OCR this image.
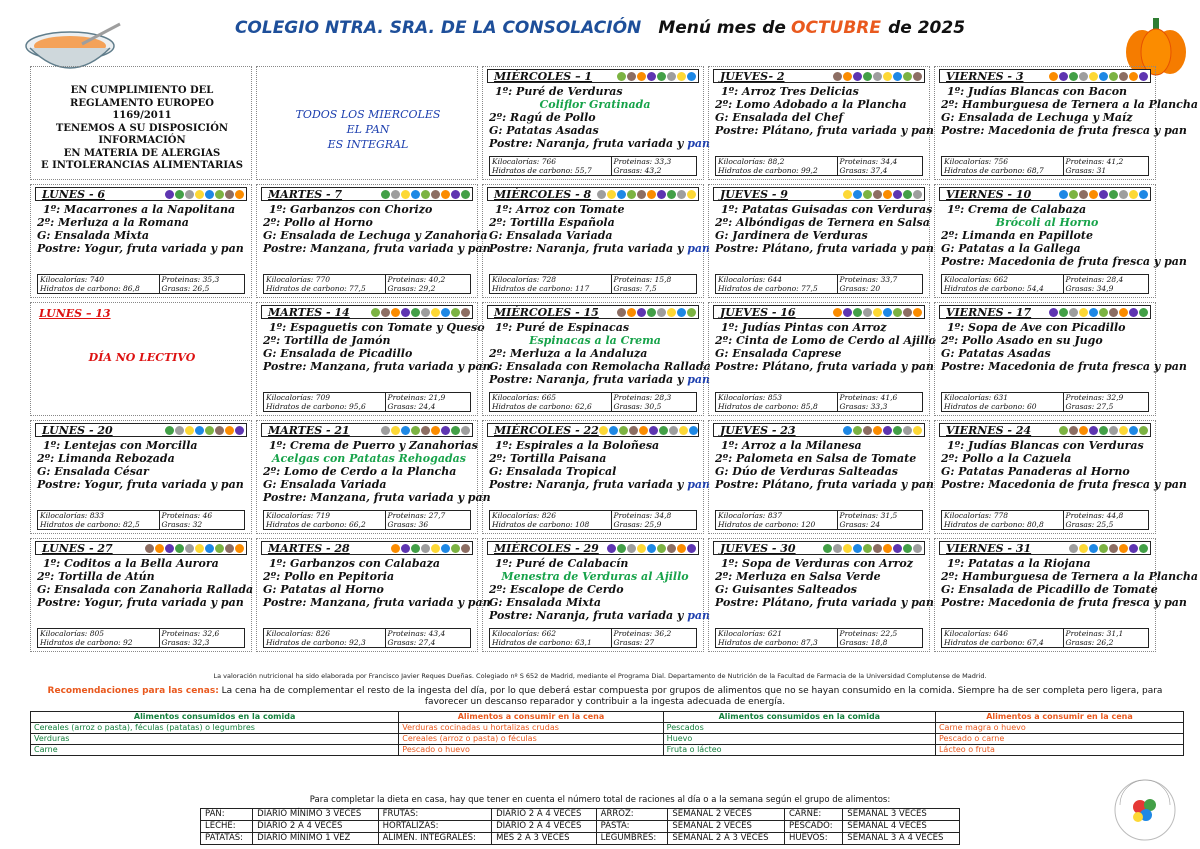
COLEGIO NTRA. SRA. DE LA CONSOLACIÓN Menú mes de OCTUBRE de 2025
EN CUMPLIMIENTO DEL
REGLAMENTO EUROPEO
1169/2011
TENEMOS A SU DISPOSICIÓN
INFORMACIÓN
EN MATERIA DE ALERGIAS
E INTOLERANCIAS ALIMENTARIAS
TODOS LOS MIERCOLES
EL PAN
ES INTEGRAL
LUNES – 13
DÍA NO LECTIVO
MIÉRCOLES – 1
1º: Puré de Verduras
Coliflor Gratinada
2º: Ragú de Pollo
G: Patatas Asadas
Postre: Naranja, fruta variada y pan
Kilocalorías: 766	Proteinas: 33,3
Hidratos de carbono: 55,7	Grasas: 43,2
JUEVES- 2
1º: Arroz Tres Delicias
2º: Lomo Adobado a la Plancha
G: Ensalada del Chef
Postre: Plátano, fruta variada y pan
Kilocalorías: 88,2	Proteinas: 34,4
Hidratos de carbono: 99,2	Grasas: 37,4
VIERNES - 3
1º: Judías Blancas con Bacon
2º: Hamburguesa de Ternera a la Plancha
G: Ensalada de Lechuga y Maíz
Postre: Macedonia de fruta fresca y pan
Kilocalorías: 756	Proteinas: 41,2
Hidratos de carbono: 68,7	Grasas: 31
LUNES - 6
1º: Macarrones a la Napolitana
2º: Merluza a la Romana
G: Ensalada Mixta
Postre: Yogur, fruta variada y pan
Kilocalorías: 740	Proteinas: 35,3
Hidratos de carbono: 86,8	Grasas: 26,5
MARTES - 7
1º: Garbanzos con Chorizo
2º: Pollo al Horno
G: Ensalada de Lechuga y Zanahoria
Postre: Manzana, fruta variada y pan
Kilocalorías: 770	Proteinas: 40,2
Hidratos de carbono: 77,5	Grasas: 29,2
MIÉRCOLES - 8
1º: Arroz con Tomate
2º: Tortilla Española
G: Ensalada Variada
Postre: Naranja, fruta variada y pan
Kilocalorías: 728	Proteinas: 15,8
Hidratos de carbono: 117	Grasas: 7,5
JUEVES - 9
1º: Patatas Guisadas con Verduras
2º: Albóndigas de Ternera en Salsa
G: Jardinera de Verduras
Postre: Plátano, fruta variada y pan
Kilocalorías: 644	Proteinas: 33,7
Hidratos de carbono: 77,5	Grasas: 20
VIERNES - 10
1º: Crema de Calabaza
Brócoli al Horno
2º: Limanda en Papillote
G: Patatas a la Gallega
Postre: Macedonia de fruta fresca y pan
Kilocalorías: 662	Proteinas: 28,4
Hidratos de carbono: 54,4	Grasas: 34,9
MARTES - 14
1º: Espaguetis con Tomate y Queso
2º: Tortilla de Jamón
G: Ensalada de Picadillo
Postre: Manzana, fruta variada y pan
Kilocalorías: 709	Proteinas: 21,9
Hidratos de carbono: 95,6	Grasas: 24,4
MIÉRCOLES - 15
1º: Puré de Espinacas
Espinacas a la Crema
2º: Merluza a la Andaluza
G: Ensalada con Remolacha Rallada
Postre: Naranja, fruta variada y pan
Kilocalorías: 665	Proteinas: 28,3
Hidratos de carbono: 62,6	Grasas: 30,5
JUEVES - 16
1º: Judías Pintas con Arroz
2º: Cinta de Lomo de Cerdo al Ajillo
G: Ensalada Caprese
Postre: Plátano, fruta variada y pan
Kilocalorías: 853	Proteinas: 41,6
Hidratos de carbono: 85,8	Grasas: 33,3
VIERNES - 17
1º: Sopa de Ave con Picadillo
2º: Pollo Asado en su Jugo
G: Patatas Asadas
Postre: Macedonia de fruta fresca y pan
Kilocalorías: 631	Proteinas: 32,9
Hidratos de carbono: 60	Grasas: 27,5
LUNES - 20
1º: Lentejas con Morcilla
2º: Limanda Rebozada
G: Ensalada César
Postre: Yogur, fruta variada y pan
Kilocalorías: 833	Proteinas: 46
Hidratos de carbono: 82,5	Grasas: 32
MARTES - 21
1º: Crema de Puerro y Zanahorias
Acelgas con Patatas Rehogadas
2º: Lomo de Cerdo a la Plancha
G: Ensalada Variada
Postre: Manzana, fruta variada y pan
Kilocalorías: 719	Proteinas: 27,7
Hidratos de carbono: 66,2	Grasas: 36
MIÉRCOLES - 22
1º: Espirales a la Boloñesa
2º: Tortilla Paisana
G: Ensalada Tropical
Postre: Naranja, fruta variada y pan
Kilocalorías: 826	Proteinas: 34,8
Hidratos de carbono: 108	Grasas: 25,9
JUEVES - 23
1º: Arroz a la Milanesa
2º: Palometa en Salsa de Tomate
G: Dúo de Verduras Salteadas
Postre: Plátano, fruta variada y pan
Kilocalorías: 837	Proteinas: 31,5
Hidratos de carbono: 120	Grasas: 24
VIERNES - 24
1º: Judías Blancas con Verduras
2º: Pollo a la Cazuela
G: Patatas Panaderas al Horno
Postre: Macedonia de fruta fresca y pan
Kilocalorías: 778	Proteinas: 44,8
Hidratos de carbono: 80,8	Grasas: 25,5
LUNES - 27
1º: Coditos a la Bella Aurora
2º: Tortilla de Atún
G: Ensalada con Zanahoria Rallada
Postre: Yogur, fruta variada y pan
Kilocalorías: 805	Proteinas: 32,6
Hidratos de carbono: 92	Grasas: 32,3
MARTES - 28
1º: Garbanzos con Calabaza
2º: Pollo en Pepitoria
G: Patatas al Horno
Postre: Manzana, fruta variada y pan
Kilocalorías: 826	Proteinas: 43,4
Hidratos de carbono: 92,3	Grasas: 27,4
MIÉRCOLES - 29
1º: Puré de Calabacín
Menestra de Verduras al Ajillo
2º: Escalope de Cerdo
G: Ensalada Mixta
Postre: Naranja, fruta variada y pan
Kilocalorías: 662	Proteinas: 36,2
Hidratos de carbono: 63,1	Grasas: 27
JUEVES - 30
1º: Sopa de Verduras con Arroz
2º: Merluza en Salsa Verde
G: Guisantes Salteados
Postre: Plátano, fruta variada y pan
Kilocalorías: 621	Proteinas: 22,5
Hidratos de carbono: 87,3	Grasas: 18,8
VIERNES - 31
1º: Patatas a la Riojana
2º: Hamburguesa de Ternera a la Plancha
G: Ensalada de Picadillo de Tomate
Postre: Macedonia de fruta fresca y pan
Kilocalorías: 646	Proteinas: 31,1
Hidratos de carbono: 67,4	Grasas: 26,2
La valoración nutricional ha sido elaborada por Francisco Javier Reques Dueñas. Colegiado nº S 652 de Madrid, mediante el Programa Dial. Departamento de Nutrición de la Facultad de Farmacia de la Universidad Complutense de Madrid.
Recomendaciones para las cenas: La cena ha de complementar el resto de la ingesta del día, por lo que deberá estar compuesta por grupos de alimentos que no se hayan consumido en la comida. Siempre ha de ser completa pero ligera, para favorecer un descanso reparador y contribuir a la ingesta adecuada de energía.
Alimentos consumidos en la comida	Alimentos a consumir en la cena	Alimentos consumidos en la comida	Alimentos a consumir en la cena
Cereales (arroz o pasta), féculas (patatas) o legumbres	Verduras cocinadas u hortalizas crudas	Pescados	Carne magra o huevo
Verduras	Cereales (arroz o pasta) o féculas	Huevo	Pescado o carne
Carne	Pescado o huevo	Fruta o lácteo	Lácteo o fruta
Para completar la dieta en casa, hay que tener en cuenta el número total de raciones al día o a la semana según el grupo de alimentos:
PAN:	DIARIO MÍNIMO 3 VECES	FRUTAS:	DIARIO 2 A 4 VECES	ARROZ:	SEMANAL 2 VECES	CARNE:	SEMANAL 3 VECES
LECHE:	DIARIO 2 A 4 VECES	HORTALIZAS:	DIARIO 2 A 4 VECES	PASTA:	SEMANAL 2 VECES	PESCADO:	SEMANAL 4 VECES
PATATAS:	DIARIO MÍNIMO 1 VEZ	ALIMEN. INTEGRALES:	MES 2 A 3 VECES	LEGUMBRES:	SEMANAL 2 A 3 VECES	HUEVOS:	SEMANAL 3 A 4 VECES
